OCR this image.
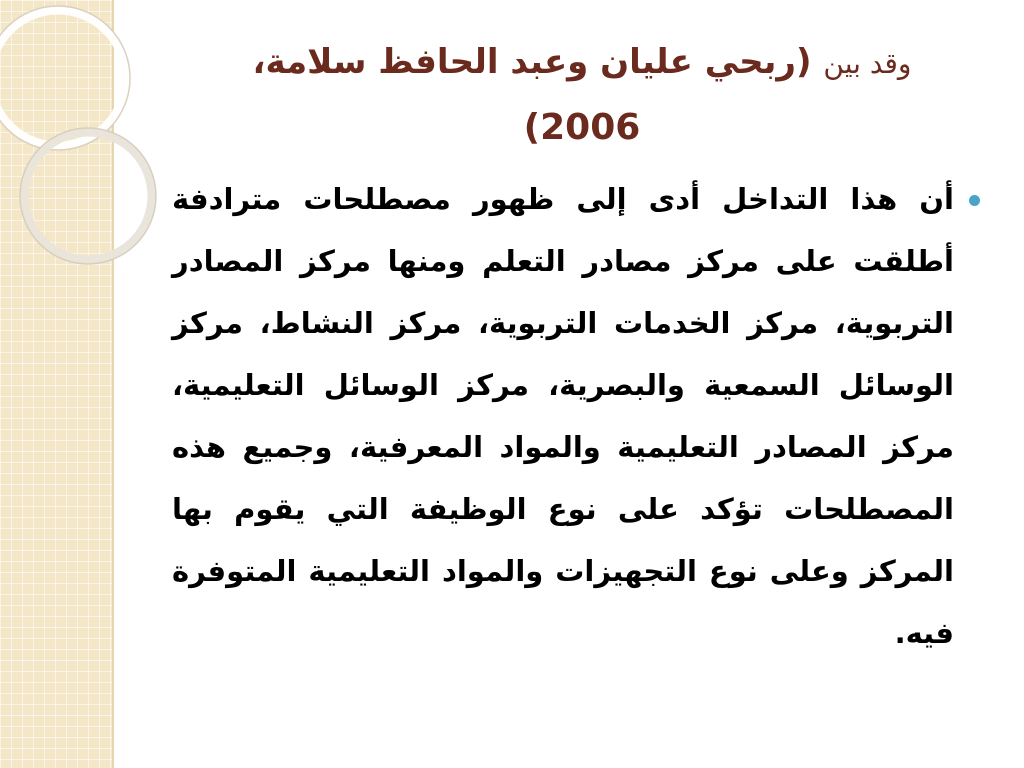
وقد بين (ربحي عليان وعبد الحافظ سلامة،
2006)

أن هذا التداخل أدى إلى ظهور مصطلحات مترادفة أطلقت على مركز مصادر التعلم ومنها مركز المصادر التربوية، مركز الخدمات التربوية، مركز النشاط، مركز الوسائل السمعية والبصرية، مركز الوسائل التعليمية، مركز المصادر التعليمية والمواد المعرفية، وجميع هذه المصطلحات تؤكد على نوع الوظيفة التي يقوم بها المركز وعلى نوع التجهيزات والمواد التعليمية المتوفرة فيه.
